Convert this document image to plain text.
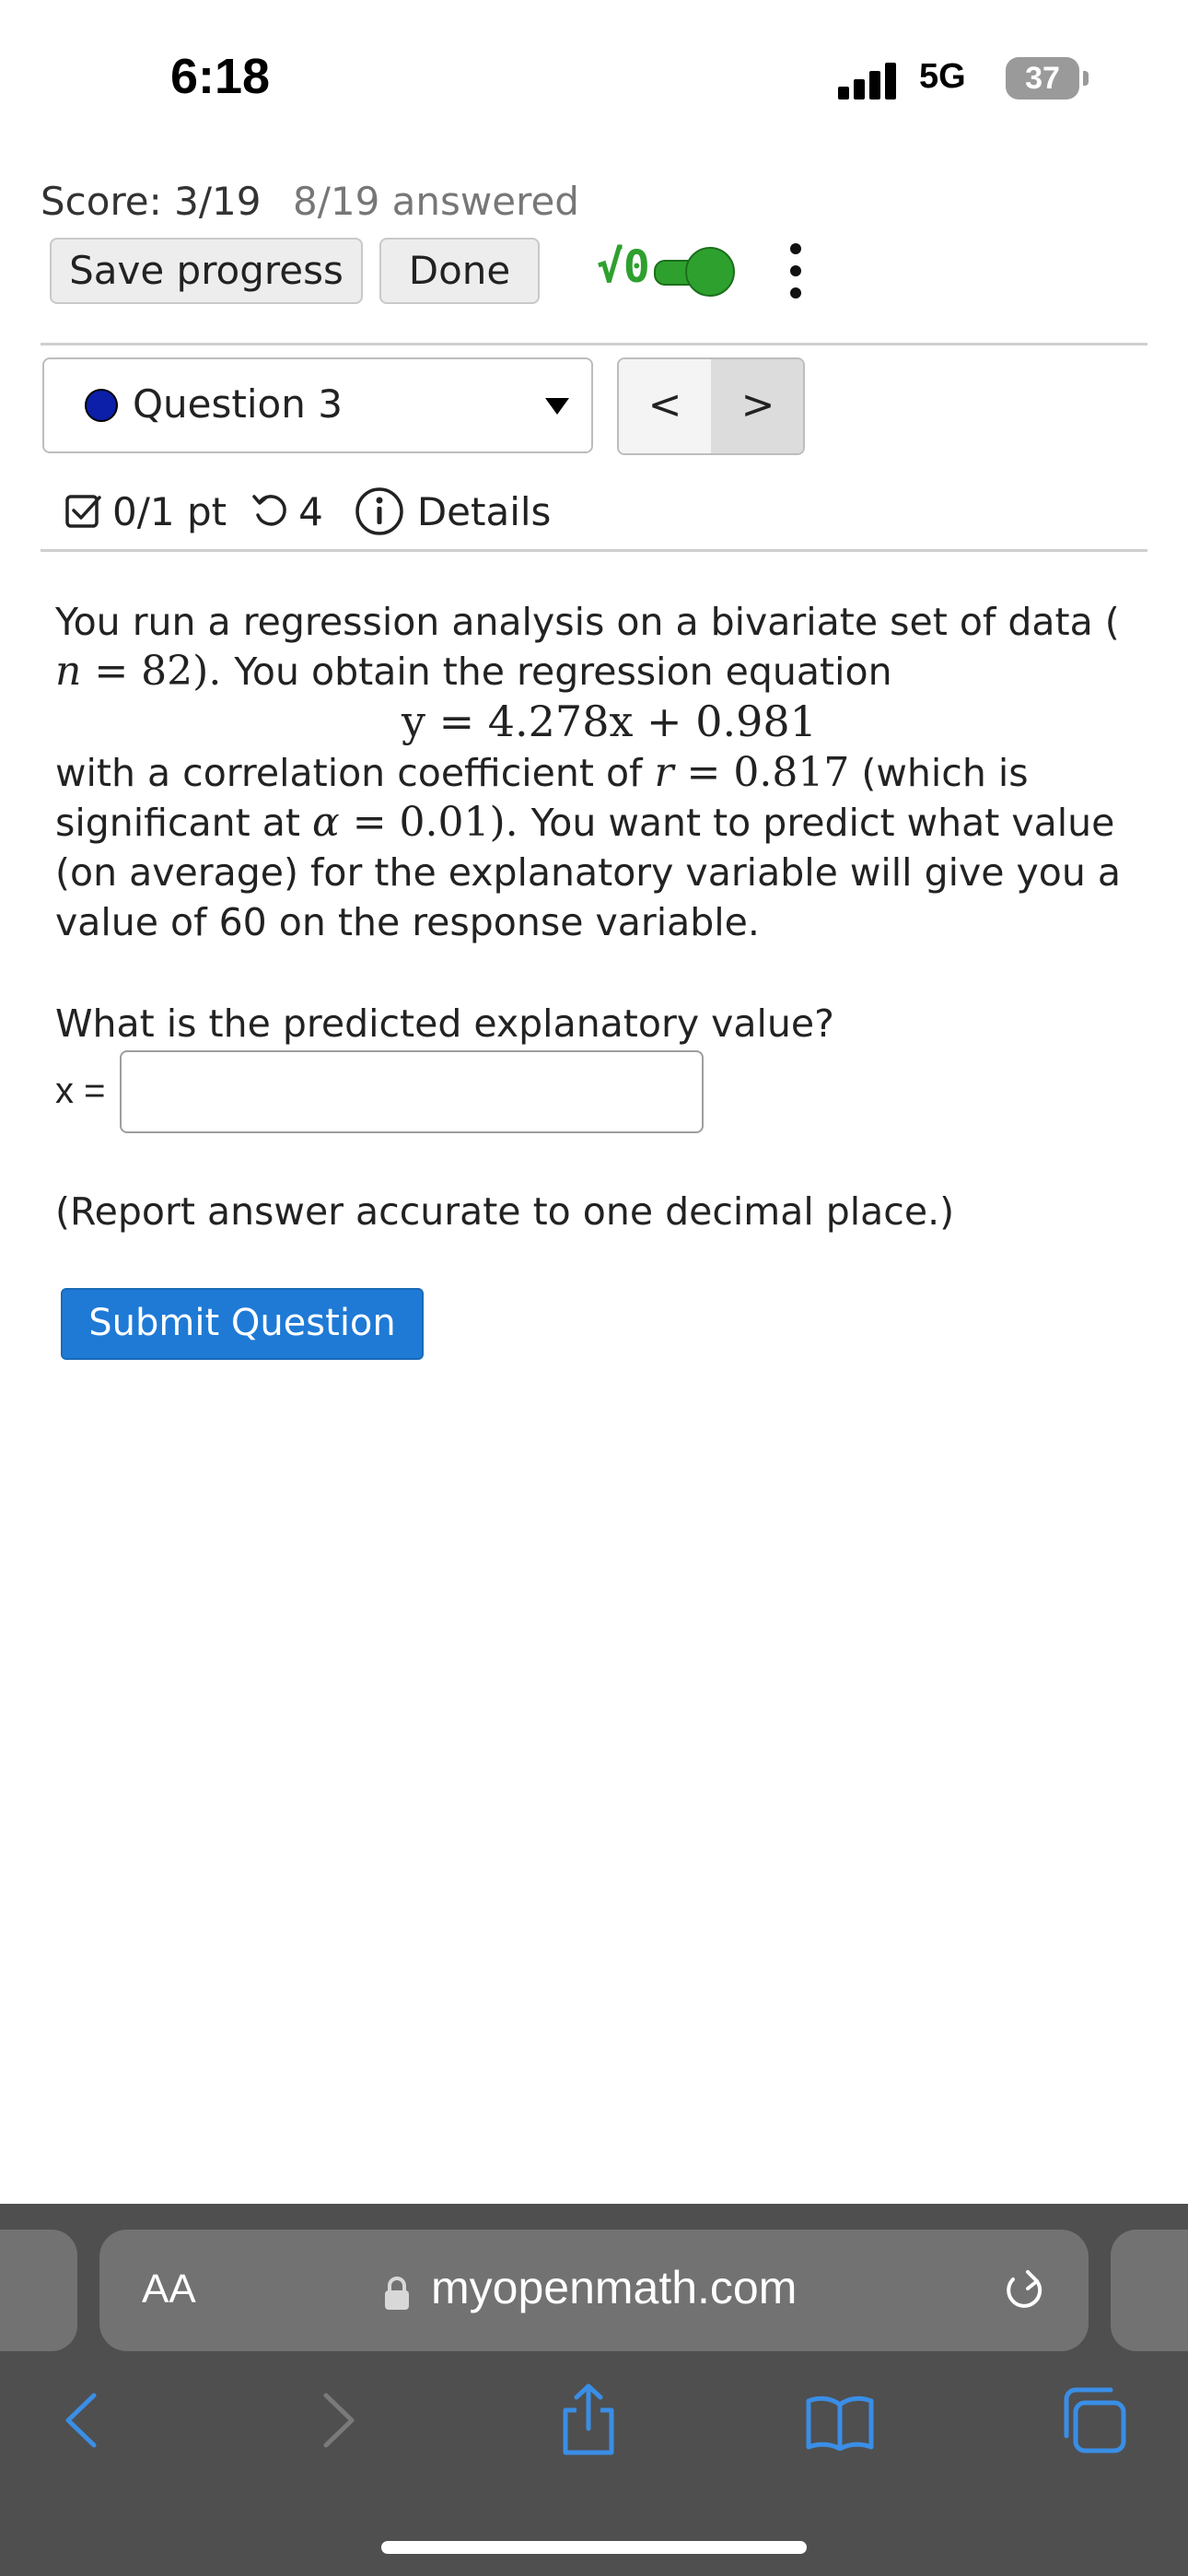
6:18	5G	37
Score: 3/19 8/19 answered
Save progress	Done	√0
Question 3	<	>
0/1 pt 4 Details
You run a regression analysis on a bivariate set of data (
n = 82). You obtain the regression equation
y = 4.278x + 0.981
with a correlation coefficient of r = 0.817 (which is
significant at α = 0.01). You want to predict what value
(on average) for the explanatory variable will give you a
value of 60 on the response variable.
What is the predicted explanatory value?
x =
(Report answer accurate to one decimal place.)
Submit Question
AA	myopenmath.com
